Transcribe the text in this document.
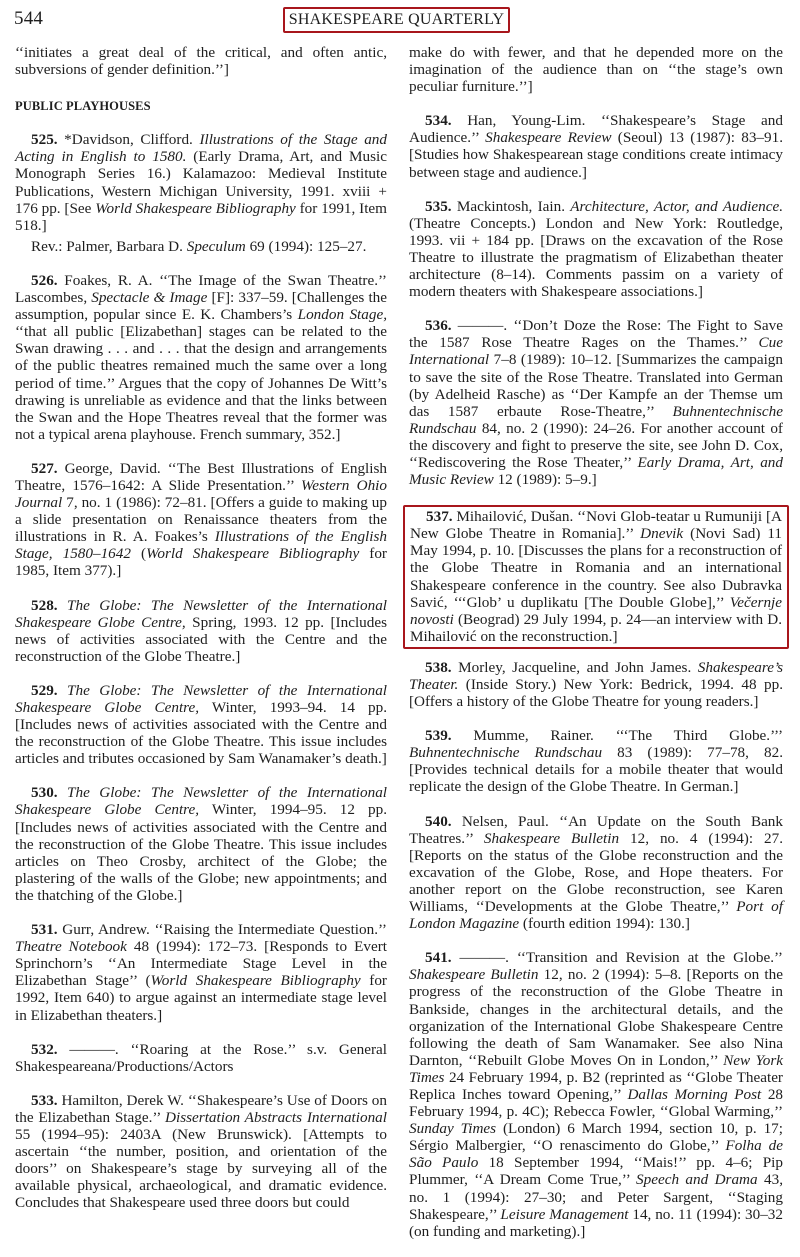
544	SHAKESPEARE QUARTERLY

‘‘initiates a great deal of the critical, and often antic, subversions of gender definition.’’]

PUBLIC PLAYHOUSES

525. *Davidson, Clifford. Illustrations of the Stage and Acting in English to 1580. (Early Drama, Art, and Music Monograph Series 16.) Kalamazoo: Medieval Institute Publications, Western Michigan University, 1991. xviii + 176 pp. [See World Shakespeare Bibliography for 1991, Item 518.]

Rev.: Palmer, Barbara D. Speculum 69 (1994): 125–27.

526. Foakes, R. A. ‘‘The Image of the Swan Theatre.’’ Lascombes, Spectacle & Image [F]: 337–59. [Challenges the assumption, popular since E. K. Chambers’s London Stage, ‘‘that all public [Elizabethan] stages can be related to the Swan drawing . . . and . . . that the design and arrangements of the public theatres remained much the same over a long period of time.’’ Argues that the copy of Johannes De Witt’s drawing is unreliable as evidence and that the links between the Swan and the Hope Theatres reveal that the former was not a typical arena playhouse. French summary, 352.]

527. George, David. ‘‘The Best Illustrations of English Theatre, 1576–1642: A Slide Presentation.’’ Western Ohio Journal 7, no. 1 (1986): 72–81. [Offers a guide to making up a slide presentation on Renaissance theaters from the illustrations in R. A. Foakes’s Illustrations of the English Stage, 1580–1642 (World Shakespeare Bibliography for 1985, Item 377).]

528. The Globe: The Newsletter of the International Shakespeare Globe Centre, Spring, 1993. 12 pp. [Includes news of activities associated with the Centre and the reconstruction of the Globe Theatre.]

529. The Globe: The Newsletter of the International Shakespeare Globe Centre, Winter, 1993–94. 14 pp. [Includes news of activities associated with the Centre and the reconstruction of the Globe Theatre. This issue includes articles and tributes occasioned by Sam Wanamaker’s death.]

530. The Globe: The Newsletter of the International Shakespeare Globe Centre, Winter, 1994–95. 12 pp. [Includes news of activities associated with the Centre and the reconstruction of the Globe Theatre. This issue includes articles on Theo Crosby, architect of the Globe; the plastering of the walls of the Globe; new appointments; and the thatching of the Globe.]

531. Gurr, Andrew. ‘‘Raising the Intermediate Question.’’ Theatre Notebook 48 (1994): 172–73. [Responds to Evert Sprinchorn’s ‘‘An Intermediate Stage Level in the Elizabethan Stage’’ (World Shakespeare Bibliography for 1992, Item 640) to argue against an intermediate stage level in Elizabethan theaters.]

532. ———. ‘‘Roaring at the Rose.’’ s.v. General Shakespeareana/Productions/Actors

533. Hamilton, Derek W. ‘‘Shakespeare’s Use of Doors on the Elizabethan Stage.’’ Dissertation Abstracts International 55 (1994–95): 2403A (New Brunswick). [Attempts to ascertain ‘‘the number, position, and orientation of the doors’’ on Shakespeare’s stage by surveying all of the available physical, archaeological, and dramatic evidence. Concludes that Shakespeare used three doors but could

make do with fewer, and that he depended more on the imagination of the audience than on ‘‘the stage’s own peculiar furniture.’’]

534. Han, Young-Lim. ‘‘Shakespeare’s Stage and Audience.’’ Shakespeare Review (Seoul) 13 (1987): 83–91. [Studies how Shakespearean stage conditions create intimacy between stage and audience.]

535. Mackintosh, Iain. Architecture, Actor, and Audience. (Theatre Concepts.) London and New York: Routledge, 1993. vii + 184 pp. [Draws on the excavation of the Rose Theatre to illustrate the pragmatism of Elizabethan theater architecture (8–14). Comments passim on a variety of modern theaters with Shakespeare associations.]

536. ———. ‘‘Don’t Doze the Rose: The Fight to Save the 1587 Rose Theatre Rages on the Thames.’’ Cue International 7–8 (1989): 10–12. [Summarizes the campaign to save the site of the Rose Theatre. Translated into German (by Adelheid Rasche) as ‘‘Der Kampfe an der Themse um das 1587 erbaute Rose-Theatre,’’ Buhnentechnische Rundschau 84, no. 2 (1990): 24–26. For another account of the discovery and fight to preserve the site, see John D. Cox, ‘‘Rediscovering the Rose Theater,’’ Early Drama, Art, and Music Review 12 (1989): 5–9.]

537. Mihailović, Dušan. ‘‘Novi Glob-teatar u Rumuniji [A New Globe Theatre in Romania].’’ Dnevik (Novi Sad) 11 May 1994, p. 10. [Discusses the plans for a reconstruction of the Globe Theatre in Romania and an international Shakespeare conference in the country. See also Dubravka Savić, ‘‘‘Glob’ u duplikatu [The Double Globe],’’ Večernje novosti (Beograd) 29 July 1994, p. 24—an interview with D. Mihailović on the reconstruction.]

538. Morley, Jacqueline, and John James. Shakespeare’s Theater. (Inside Story.) New York: Bedrick, 1994. 48 pp. [Offers a history of the Globe Theatre for young readers.]

539. Mumme, Rainer. ‘‘‘The Third Globe.’’’ Buhnentechnische Rundschau 83 (1989): 77–78, 82. [Provides technical details for a mobile theater that would replicate the design of the Globe Theatre. In German.]

540. Nelsen, Paul. ‘‘An Update on the South Bank Theatres.’’ Shakespeare Bulletin 12, no. 4 (1994): 27. [Reports on the status of the Globe reconstruction and the excavation of the Globe, Rose, and Hope theaters. For another report on the Globe reconstruction, see Karen Williams, ‘‘Developments at the Globe Theatre,’’ Port of London Magazine (fourth edition 1994): 130.]

541. ———. ‘‘Transition and Revision at the Globe.’’ Shakespeare Bulletin 12, no. 2 (1994): 5–8. [Reports on the progress of the reconstruction of the Globe Theatre in Bankside, changes in the architectural details, and the organization of the International Globe Shakespeare Centre following the death of Sam Wanamaker. See also Nina Darnton, ‘‘Rebuilt Globe Moves On in London,’’ New York Times 24 February 1994, p. B2 (reprinted as ‘‘Globe Theater Replica Inches toward Opening,’’ Dallas Morning Post 28 February 1994, p. 4C); Rebecca Fowler, ‘‘Global Warming,’’ Sunday Times (London) 6 March 1994, section 10, p. 17; Sérgio Malbergier, ‘‘O renascimento do Globe,’’ Folha de São Paulo 18 September 1994, ‘‘Mais!’’ pp. 4–6; Pip Plummer, ‘‘A Dream Come True,’’ Speech and Drama 43, no. 1 (1994): 27–30; and Peter Sargent, ‘‘Staging Shakespeare,’’ Leisure Management 14, no. 11 (1994): 30–32 (on funding and marketing).]
